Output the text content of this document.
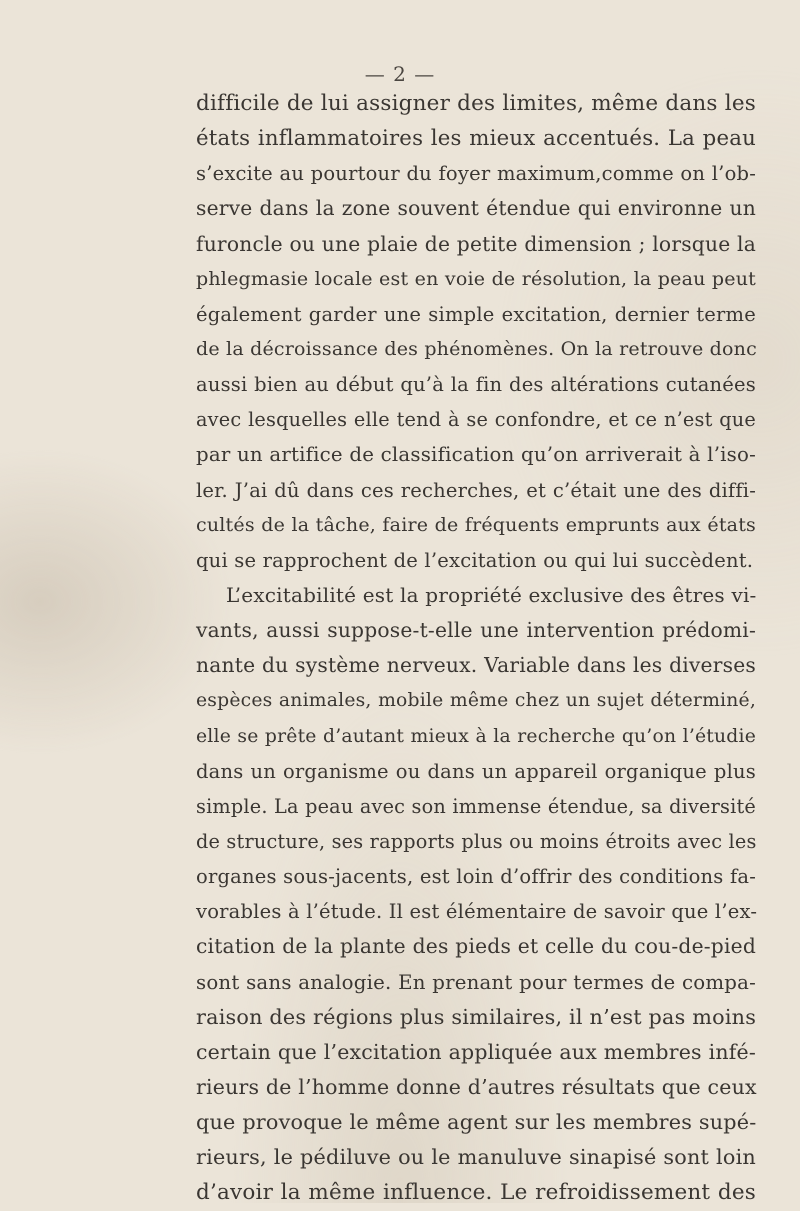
— 2 —
difficile de lui assigner des limites, même dans les
états inflammatoires les mieux accentués. La peau
s’excite au pourtour du foyer maximum,comme on l’ob-
serve dans la zone souvent étendue qui environne un
furoncle ou une plaie de petite dimension ; lorsque la
phlegmasie locale est en voie de résolution, la peau peut
également garder une simple excitation, dernier terme
de la décroissance des phénomènes. On la retrouve donc
aussi bien au début qu’à la fin des altérations cutanées
avec lesquelles elle tend à se confondre, et ce n’est que
par un artifice de classification qu’on arriverait à l’iso-
ler. J’ai dû dans ces recherches, et c’était une des diffi-
cultés de la tâche, faire de fréquents emprunts aux états
qui se rapprochent de l’excitation ou qui lui succèdent.
L’excitabilité est la propriété exclusive des êtres vi-
vants, aussi suppose-t-elle une intervention prédomi-
nante du système nerveux. Variable dans les diverses
espèces animales, mobile même chez un sujet déterminé,
elle se prête d’autant mieux à la recherche qu’on l’étudie
dans un organisme ou dans un appareil organique plus
simple. La peau avec son immense étendue, sa diversité
de structure, ses rapports plus ou moins étroits avec les
organes sous-jacents, est loin d’offrir des conditions fa-
vorables à l’étude. Il est élémentaire de savoir que l’ex-
citation de la plante des pieds et celle du cou-de-pied
sont sans analogie. En prenant pour termes de compa-
raison des régions plus similaires, il n’est pas moins
certain que l’excitation appliquée aux membres infé-
rieurs de l’homme donne d’autres résultats que ceux
que provoque le même agent sur les membres supé-
rieurs, le pédiluve ou le manuluve sinapisé sont loin
d’avoir la même influence. Le refroidissement des
